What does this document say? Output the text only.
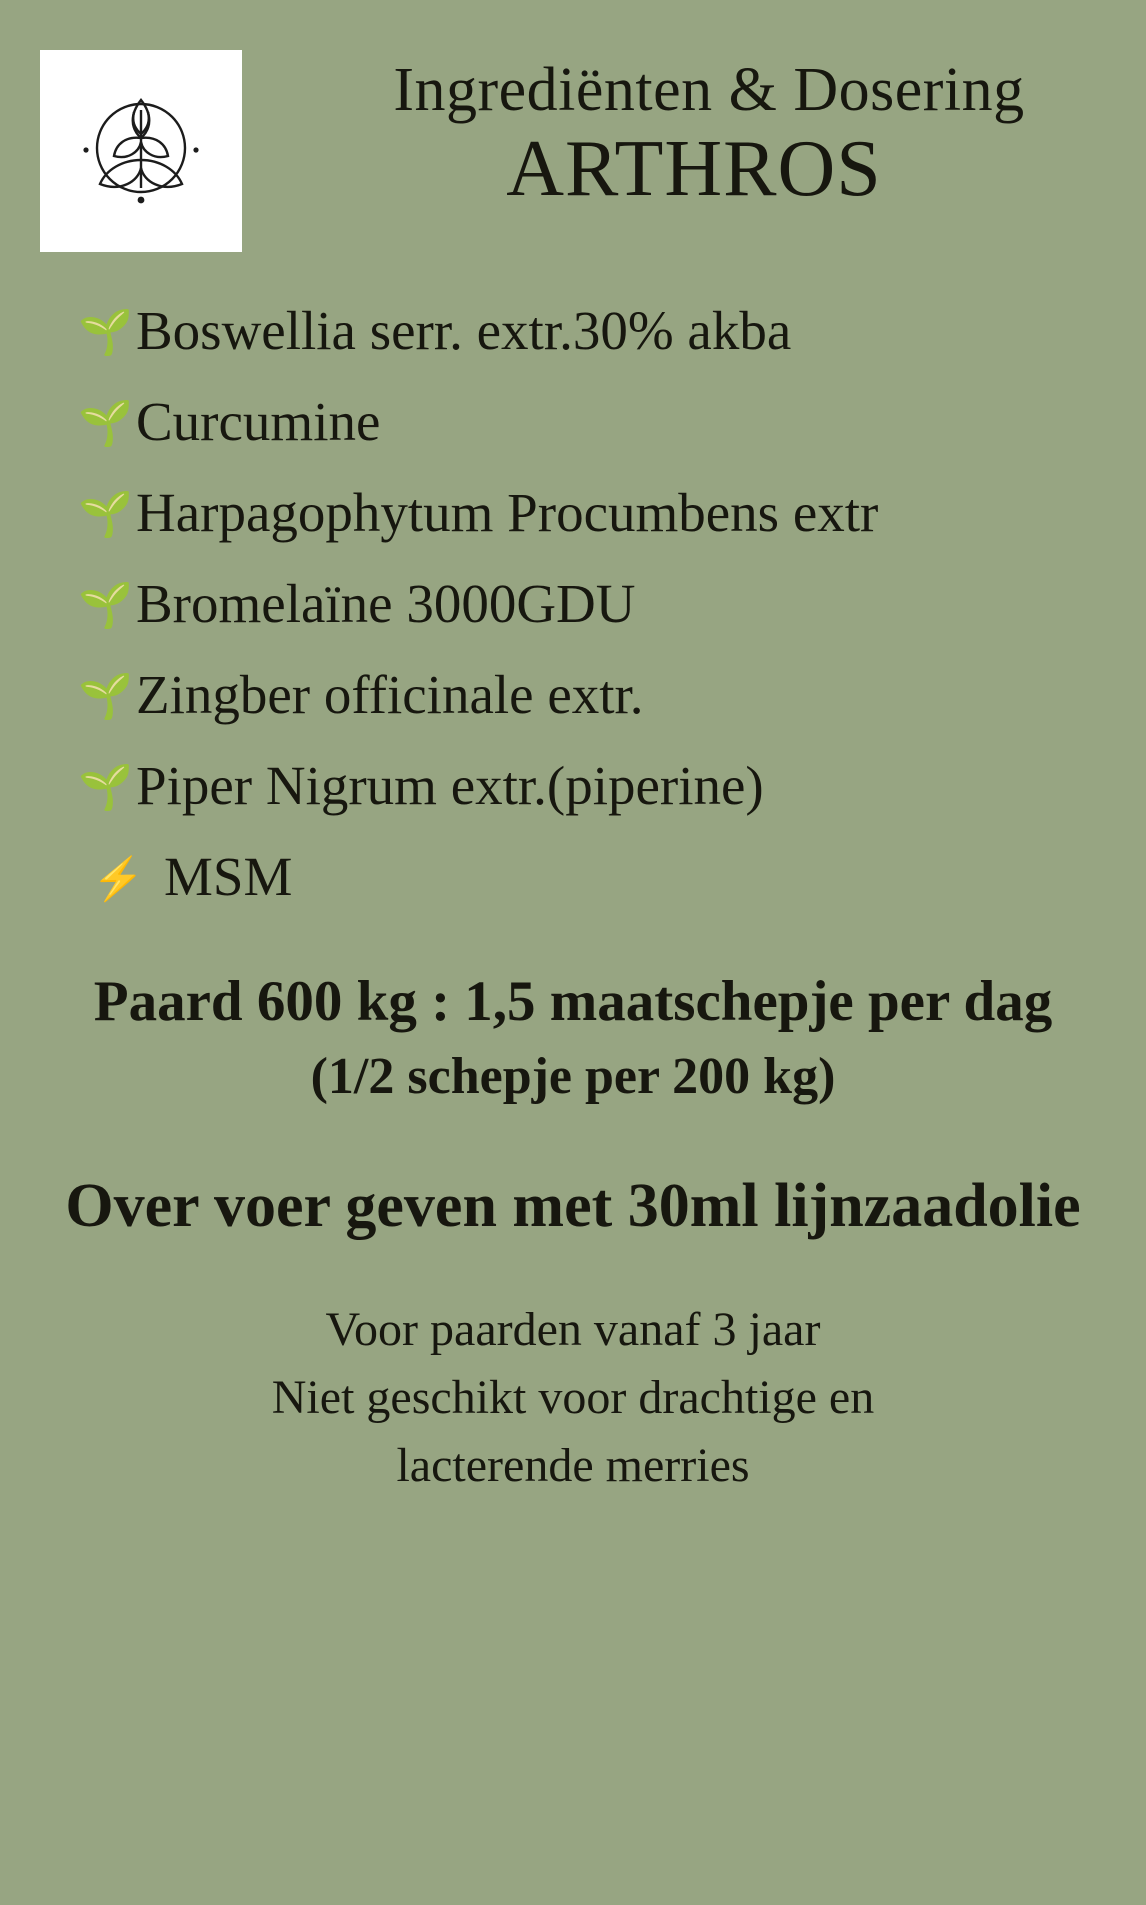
Ingrediënten & Dosering
ARTHROS
🌱 Boswellia serr. extr.30% akba
🌱 Curcumine
🌱 Harpagophytum Procumbens extr
🌱 Bromelaïne 3000GDU
🌱 Zingber officinale extr.
🌱 Piper Nigrum extr.(piperine)
⚡ MSM
Paard 600 kg : 1,5 maatschepje per dag
(1/2 schepje per 200 kg)
Over voer geven met 30ml lijnzaadolie
Voor paarden vanaf 3 jaar
Niet geschikt voor drachtige en
lacterende merries
